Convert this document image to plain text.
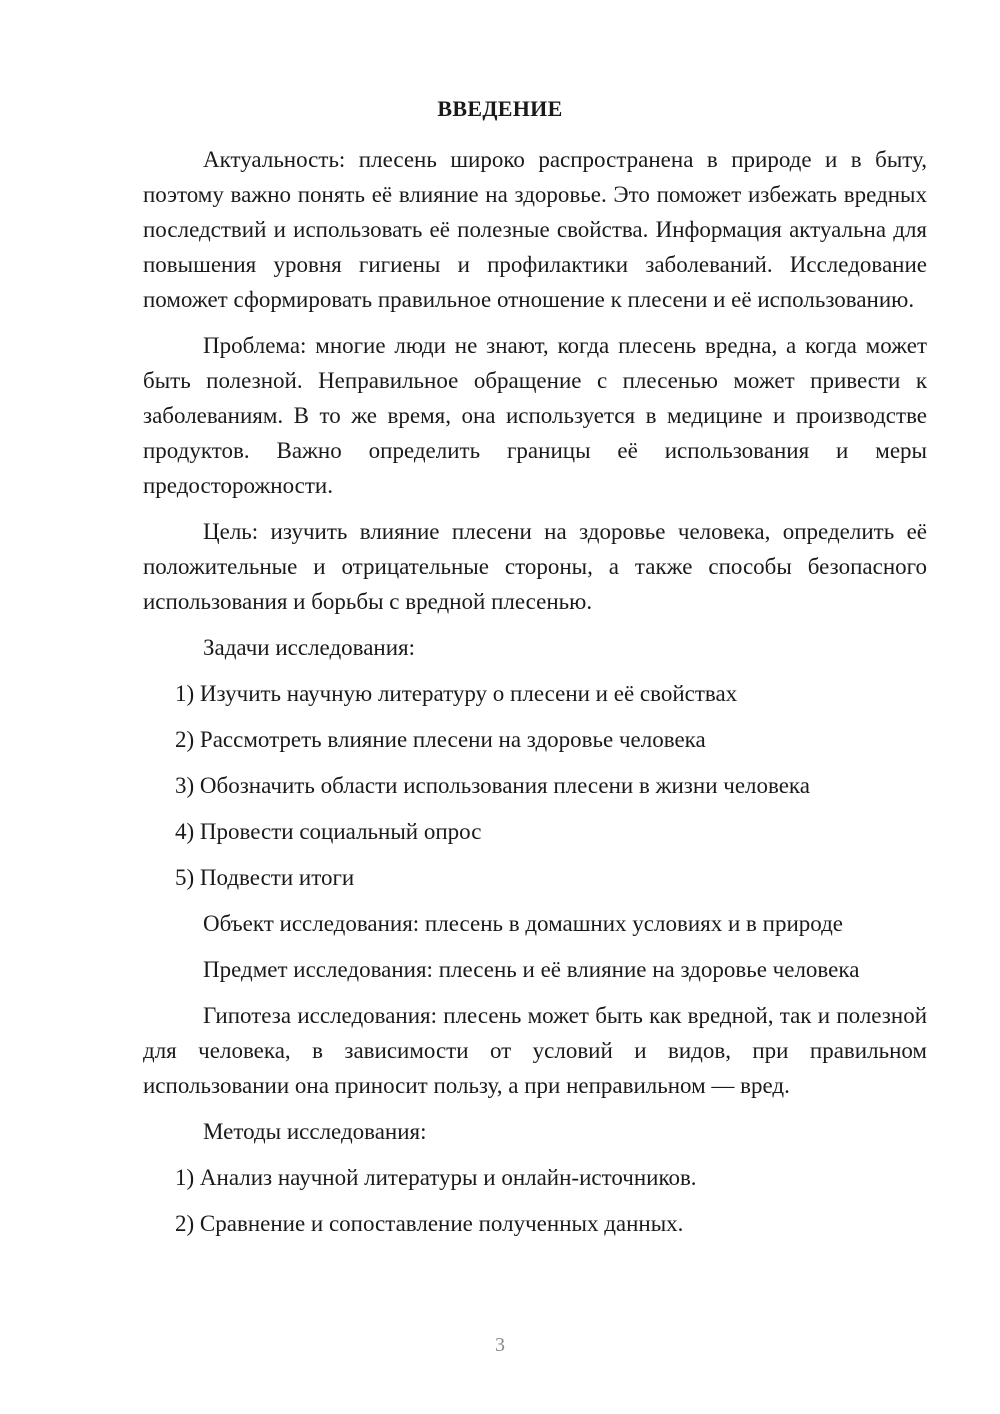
ВВЕДЕНИЕ

Актуальность: плесень широко распространена в природе и в быту, поэтому важно понять её влияние на здоровье. Это поможет избежать вредных последствий и использовать её полезные свойства. Информация актуальна для повышения уровня гигиены и профилактики заболеваний. Исследование поможет сформировать правильное отношение к плесени и её использованию.

Проблема: многие люди не знают, когда плесень вредна, а когда может быть полезной. Неправильное обращение с плесенью может привести к заболеваниям. В то же время, она используется в медицине и производстве продуктов. Важно определить границы её использования и меры предосторожности.

Цель: изучить влияние плесени на здоровье человека, определить её положительные и отрицательные стороны, а также способы безопасного использования и борьбы с вредной плесенью.

Задачи исследования:
1) Изучить научную литературу о плесени и её свойствах
2) Рассмотреть влияние плесени на здоровье человека
3) Обозначить области использования плесени в жизни человека
4) Провести социальный опрос
5) Подвести итоги
Объект исследования: плесень в домашних условиях и в природе
Предмет исследования: плесень и её влияние на здоровье человека

Гипотеза исследования: плесень может быть как вредной, так и полезной для человека, в зависимости от условий и видов, при правильном использовании она приносит пользу, а при неправильном — вред.

Методы исследования:
1) Анализ научной литературы и онлайн-источников.
2) Сравнение и сопоставление полученных данных.
3
